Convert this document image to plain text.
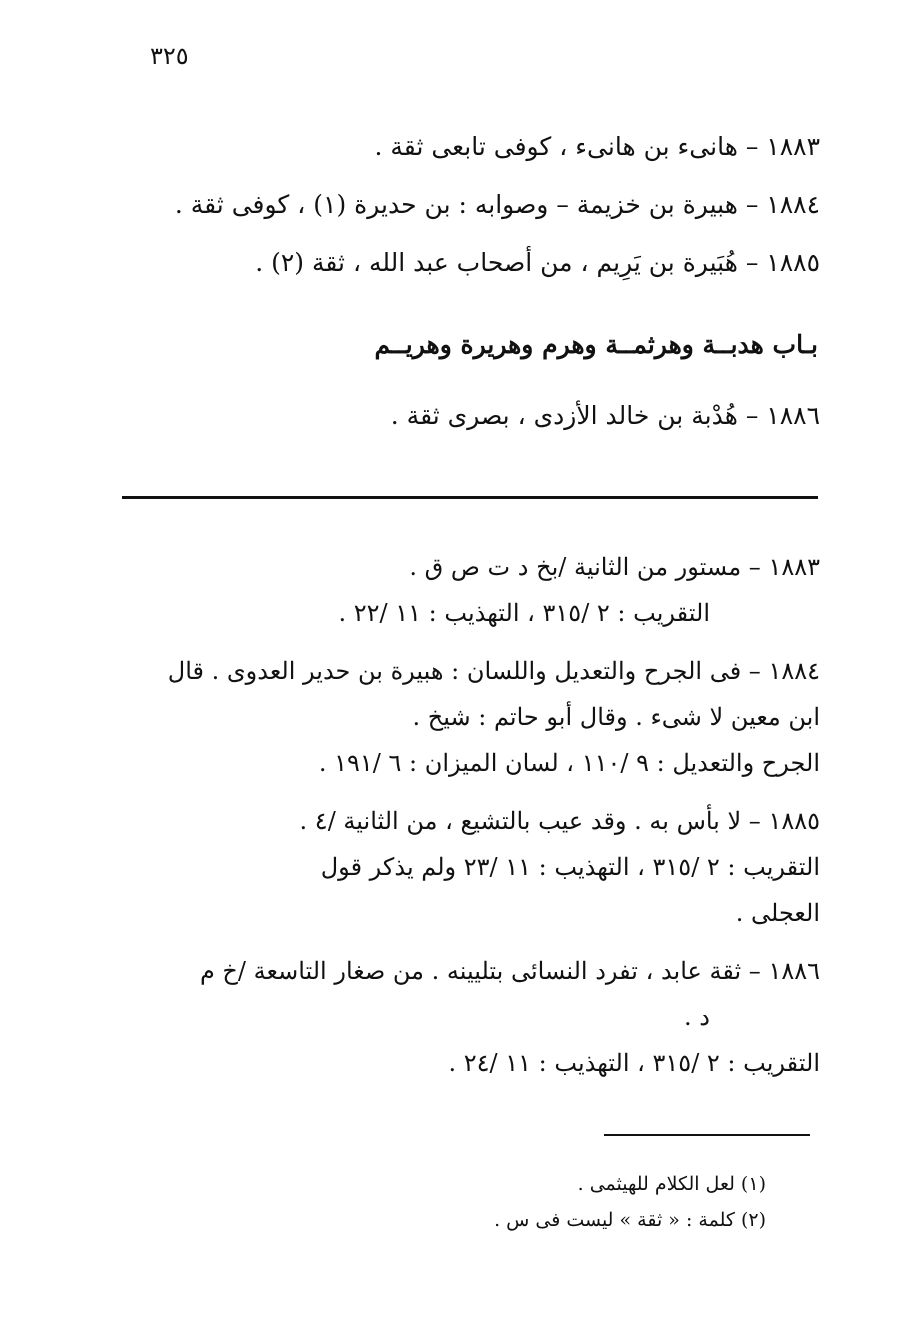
٣٢٥
١٨٨٣ – هانىء بن هانىء ، كوفى تابعى ثقة .
١٨٨٤ – هبيرة بن خزيمة – وصوابه : بن حديرة (١) ، كوفى ثقة .
١٨٨٥ – هُبَيرة بن يَرِيم ، من أصحاب عبد الله ، ثقة (٢) .
بـاب هدبــة وهرثمــة وهرم وهريرة وهريــم
١٨٨٦ – هُدْبة بن خالد الأزدى ، بصرى ثقة .
١٨٨٣ – مستور من الثانية /بخ د ت ص ق .
التقريب : ٢ /٣١٥ ، التهذيب : ١١ /٢٢ .
١٨٨٤ – فى الجرح والتعديل واللسان : هبيرة بن حدير العدوى . قال
ابن معين لا شىء . وقال أبو حاتم : شيخ .
الجرح والتعديل : ٩ /١١٠ ، لسان الميزان : ٦ /١٩١ .
١٨٨٥ – لا بأس به . وقد عيب بالتشيع ، من الثانية /٤ .
التقريب : ٢ /٣١٥ ، التهذيب : ١١ /٢٣ ولم يذكر قول
العجلى .
١٨٨٦ – ثقة عابد ، تفرد النسائى بتليينه . من صغار التاسعة /خ م
د .
التقريب : ٢ /٣١٥ ، التهذيب : ١١ /٢٤ .
(١) لعل الكلام للهيثمى .
(٢) كلمة : « ثقة » ليست فى س .
